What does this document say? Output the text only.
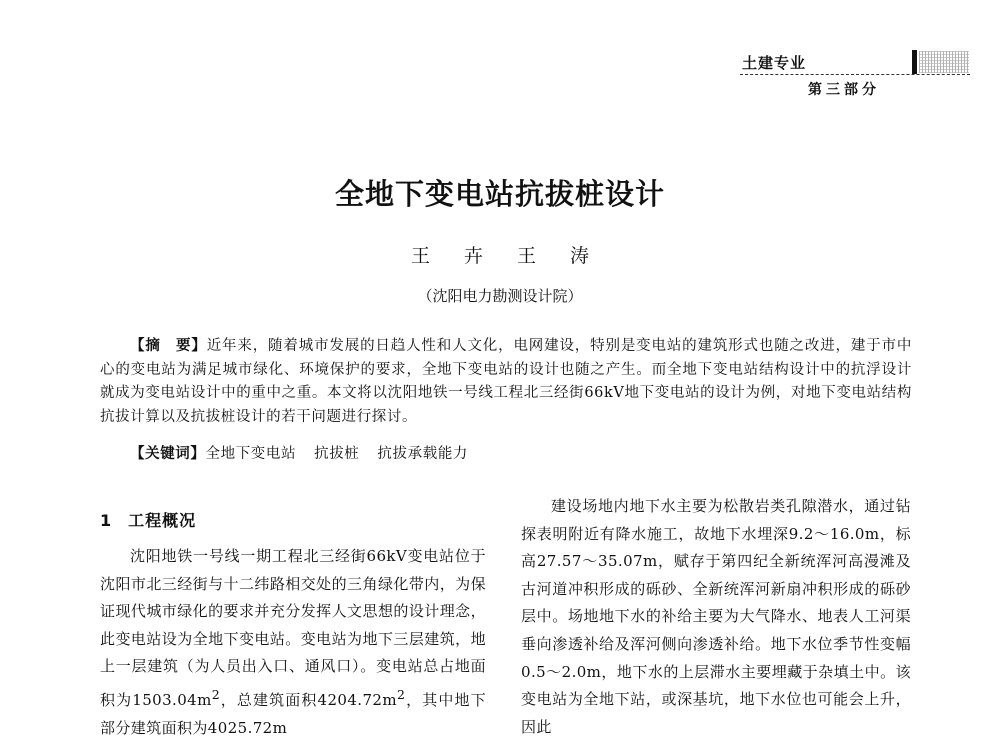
土建专业
第三部分
全地下变电站抗拔桩设计
王 卉 王 涛
（沈阳电力勘测设计院）
【摘　要】近年来，随着城市发展的日趋人性和人文化，电网建设，特别是变电站的建筑形式也随之改进，建于市中心的变电站为满足城市绿化、环境保护的要求，全地下变电站的设计也随之产生。而全地下变电站结构设计中的抗浮设计就成为变电站设计中的重中之重。本文将以沈阳地铁一号线工程北三经街66kV地下变电站的设计为例，对地下变电站结构抗拔计算以及抗拔桩设计的若干问题进行探讨。
【关键词】全地下变电站 抗拔桩 抗拔承载能力
1 工程概况
沈阳地铁一号线一期工程北三经街66kV变电站位于沈阳市北三经街与十二纬路相交处的三角绿化带内，为保证现代城市绿化的要求并充分发挥人文思想的设计理念，此变电站设为全地下变电站。变电站为地下三层建筑，地上一层建筑（为人员出入口、通风口）。变电站总占地面积为$1503.04m^2$，总建筑面积$4204.72m^2$，其中地下部分建筑面积为4025.72m
建设场地内地下水主要为松散岩类孔隙潜水，通过钻探表明附近有降水施工，故地下水埋深9.2～16.0m，标高27.57～35.07m，赋存于第四纪全新统浑河高漫滩及古河道冲积形成的砾砂、全新统浑河新扇冲积形成的砾砂层中。场地地下水的补给主要为大气降水、地表人工河渠垂向渗透补给及浑河侧向渗透补给。地下水位季节性变幅0.5～2.0m，地下水的上层滞水主要埋藏于杂填土中。该变电站为全地下站，或深基坑，地下水位也可能会上升，因此
